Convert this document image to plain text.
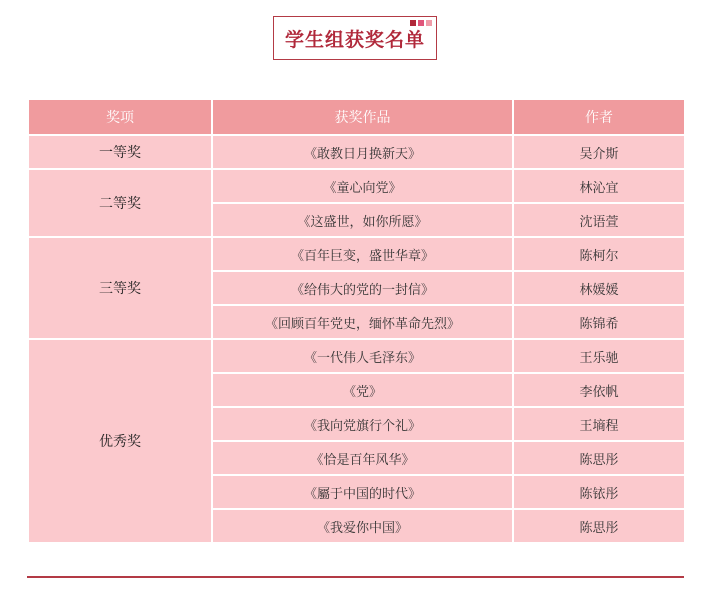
学生组获奖名单
奖项	获奖作品	作者
一等奖	《敢教日月换新天》	吴介斯
二等奖	《童心向党》	林沁宜
	《这盛世，如你所愿》	沈语萱
三等奖	《百年巨变，盛世华章》	陈柯尔
	《给伟大的党的一封信》	林媛媛
	《回顾百年党史，缅怀革命先烈》	陈锦希
优秀奖	《一代伟人毛泽东》	王乐驰
	《党》	李依帆
	《我向党旗行个礼》	王墒程
	《恰是百年风华》	陈思彤
	《屬于中国的时代》	陈铱彤
	《我爱你中国》	陈思彤
